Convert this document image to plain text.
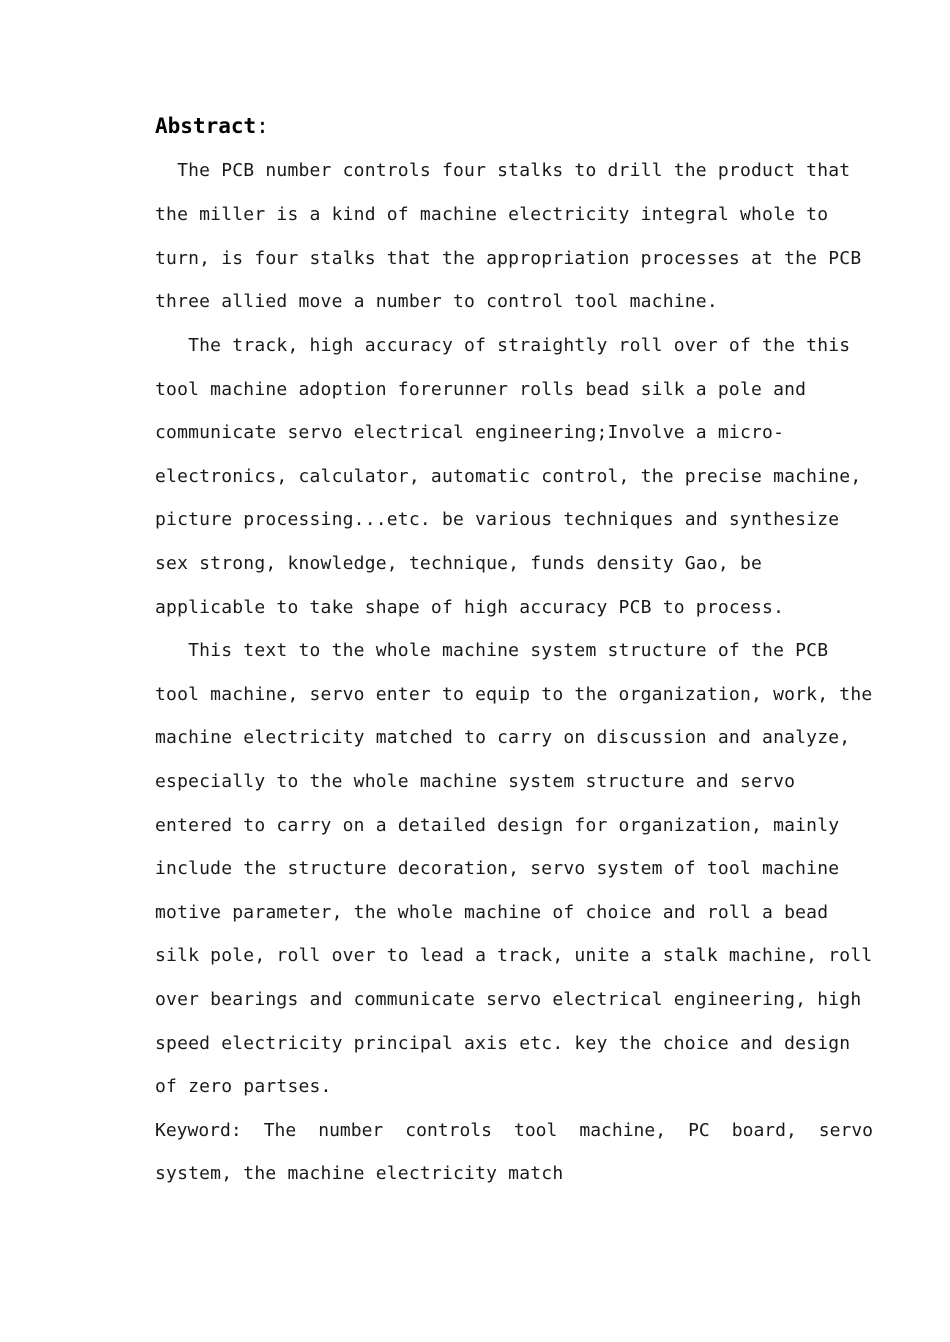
Abstract:
The PCB number controls four stalks to drill the product that
the miller is a kind of machine electricity integral whole to
turn, is four stalks that the appropriation processes at the PCB
three allied move a number to control tool machine.
The track, high accuracy of straightly roll over of the this
tool machine adoption forerunner rolls bead silk a pole and
communicate servo electrical engineering;Involve a micro-
electronics, calculator, automatic control, the precise machine,
picture processing...etc. be various techniques and synthesize
sex strong, knowledge, technique, funds density Gao, be
applicable to take shape of high accuracy PCB to process.
This text to the whole machine system structure of the PCB
tool machine, servo enter to equip to the organization, work, the
machine electricity matched to carry on discussion and analyze,
especially to the whole machine system structure and servo
entered to carry on a detailed design for organization, mainly
include the structure decoration, servo system of tool machine
motive parameter, the whole machine of choice and roll a bead
silk pole, roll over to lead a track, unite a stalk machine, roll
over bearings and communicate servo electrical engineering, high
speed electricity principal axis etc. key the choice and design
of zero partses.
Keyword: The number controls tool machine, PC board, servo
system, the machine electricity match
